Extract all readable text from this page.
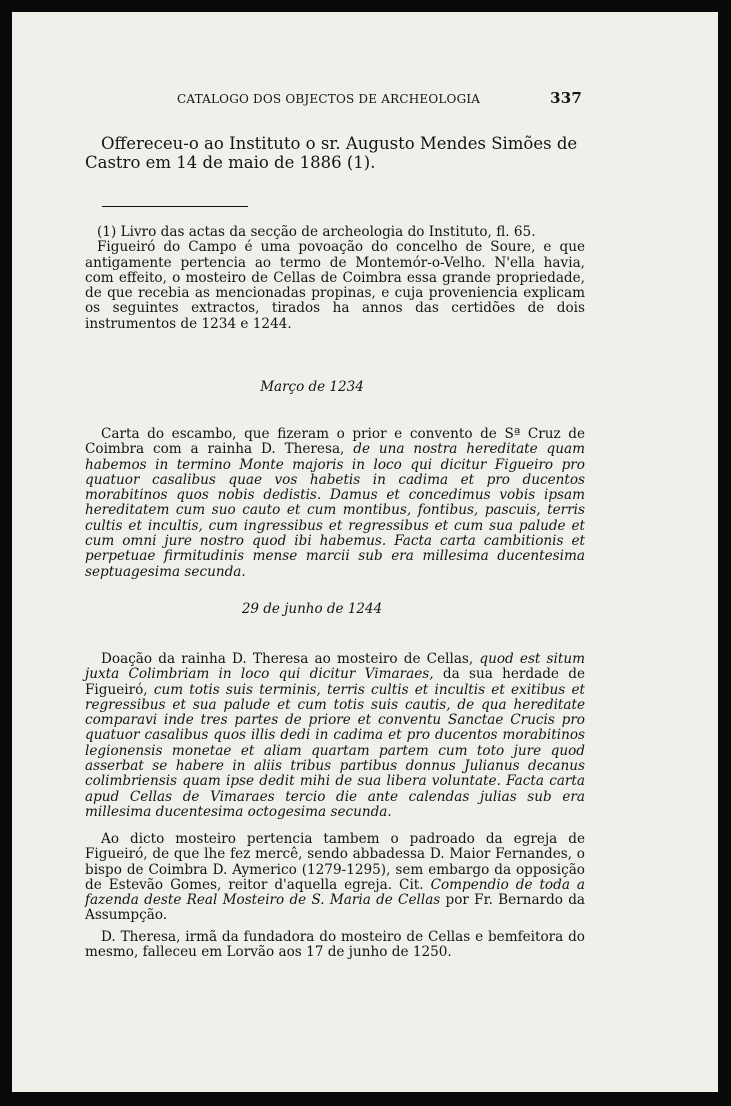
CATALOGO DOS OBJECTOS DE ARCHEOLOGIA	337
Offereceu-o ao Instituto o sr. Augusto Mendes Simões de Castro em 14 de maio de 1886 (1).

(1) Livro das actas da secção de archeologia do Instituto, fl. 65.

Figueiró do Campo é uma povoação do concelho de Soure, e que antigamente pertencia ao termo de Montemór-o-Velho. N'ella havia, com effeito, o mosteiro de Cellas de Coimbra essa grande propriedade, de que recebia as mencionadas propinas, e cuja proveniencia explicam os seguintes extractos, tirados ha annos das certidões de dois instrumentos de 1234 e 1244.

Março de 1234

Carta do escambo, que fizeram o prior e convento de Sª Cruz de Coimbra com a rainha D. Theresa, de una nostra hereditate quam habemos in termino Monte majoris in loco qui dicitur Figueiro pro quatuor casalibus quae vos habetis in cadima et pro ducentos morabitinos quos nobis dedistis. Damus et concedimus vobis ipsam hereditatem cum suo cauto et cum montibus, fontibus, pascuis, terris cultis et incultis, cum ingressibus et regressibus et cum sua palude et cum omni jure nostro quod ibi habemus. Facta carta cambitionis et perpetuae firmitudinis mense marcii sub era millesima ducentesima septuagesima secunda.

29 de junho de 1244

Doação da rainha D. Theresa ao mosteiro de Cellas, quod est situm juxta Colimbriam in loco qui dicitur Vimaraes, da sua herdade de Figueiró, cum totis suis terminis, terris cultis et incultis et exitibus et regressibus et sua palude et cum totis suis cautis, de qua hereditate comparavi inde tres partes de priore et conventu Sanctae Crucis pro quatuor casalibus quos illis dedi in cadima et pro ducentos morabitinos legionensis monetae et aliam quartam partem cum toto jure quod asserbat se habere in aliis tribus partibus donnus Julianus decanus colimbriensis quam ipse dedit mihi de sua libera voluntate. Facta carta apud Cellas de Vimaraes tercio die ante calendas julias sub era millesima ducentesima octogesima secunda.

Ao dicto mosteiro pertencia tambem o padroado da egreja de Figueiró, de que lhe fez mercê, sendo abbadessa D. Maior Fernandes, o bispo de Coimbra D. Aymerico (1279-1295), sem embargo da opposição de Estevão Gomes, reitor d'aquella egreja. Cit. Compendio de toda a fazenda deste Real Mosteiro de S. Maria de Cellas por Fr. Bernardo da Assumpção.

D. Theresa, irmã da fundadora do mosteiro de Cellas e bemfeitora do mesmo, falleceu em Lorvão aos 17 de junho de 1250.
